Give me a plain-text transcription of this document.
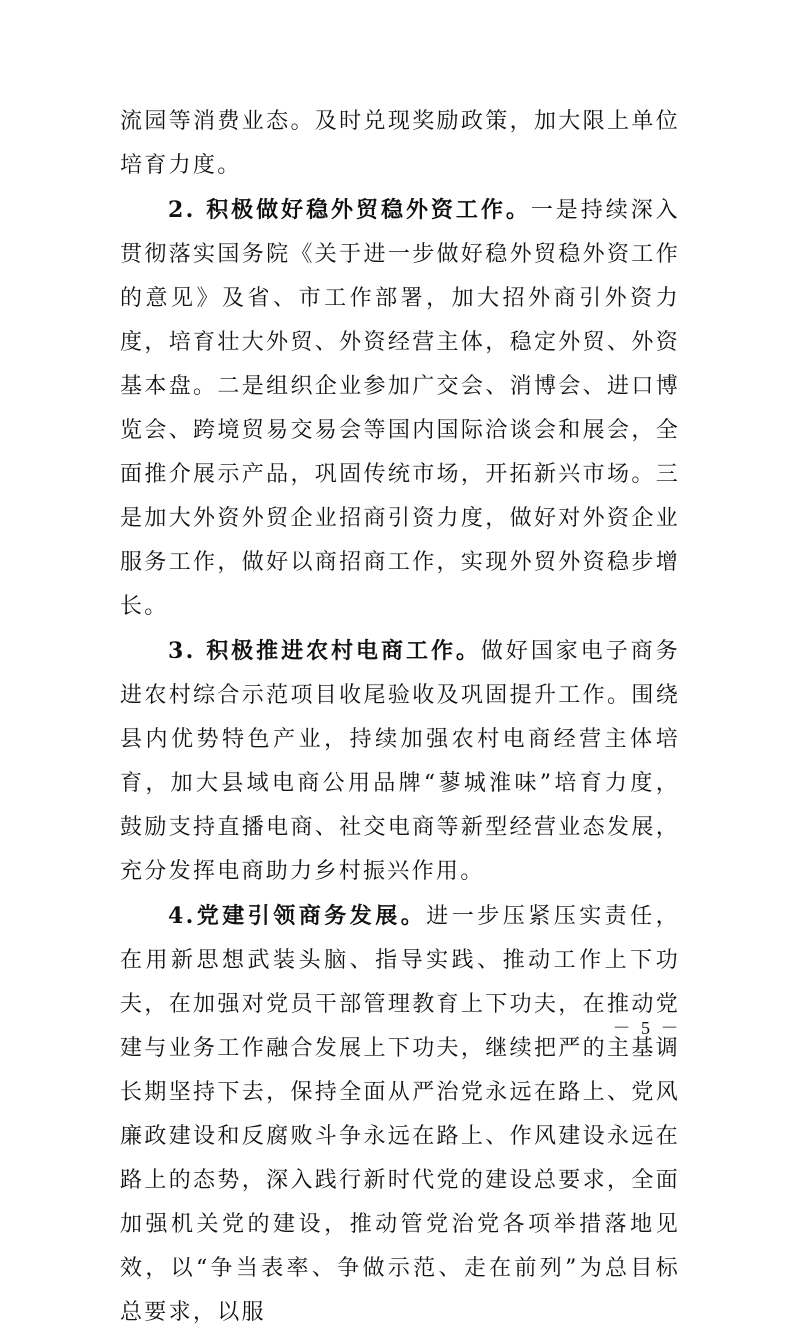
流园等消费业态。及时兑现奖励政策，加大限上单位培育力度。

2. 积极做好稳外贸稳外资工作。一是持续深入贯彻落实国务院《关于进一步做好稳外贸稳外资工作的意见》及省、市工作部署，加大招外商引外资力度，培育壮大外贸、外资经营主体，稳定外贸、外资基本盘。二是组织企业参加广交会、消博会、进口博览会、跨境贸易交易会等国内国际洽谈会和展会，全面推介展示产品，巩固传统市场，开拓新兴市场。三是加大外资外贸企业招商引资力度，做好对外资企业服务工作，做好以商招商工作，实现外贸外资稳步增长。

3. 积极推进农村电商工作。做好国家电子商务进农村综合示范项目收尾验收及巩固提升工作。围绕县内优势特色产业，持续加强农村电商经营主体培育，加大县域电商公用品牌“蓼城淮味”培育力度，鼓励支持直播电商、社交电商等新型经营业态发展，充分发挥电商助力乡村振兴作用。

4.党建引领商务发展。进一步压紧压实责任，在用新思想武装头脑、指导实践、推动工作上下功夫，在加强对党员干部管理教育上下功夫，在推动党建与业务工作融合发展上下功夫，继续把严的主基调长期坚持下去，保持全面从严治党永远在路上、党风廉政建设和反腐败斗争永远在路上、作风建设永远在路上的态势，深入践行新时代党的建设总要求，全面加强机关党的建设，推动管党治党各项举措落地见效，以“争当表率、争做示范、走在前列”为总目标总要求，以服

－ 5 －
